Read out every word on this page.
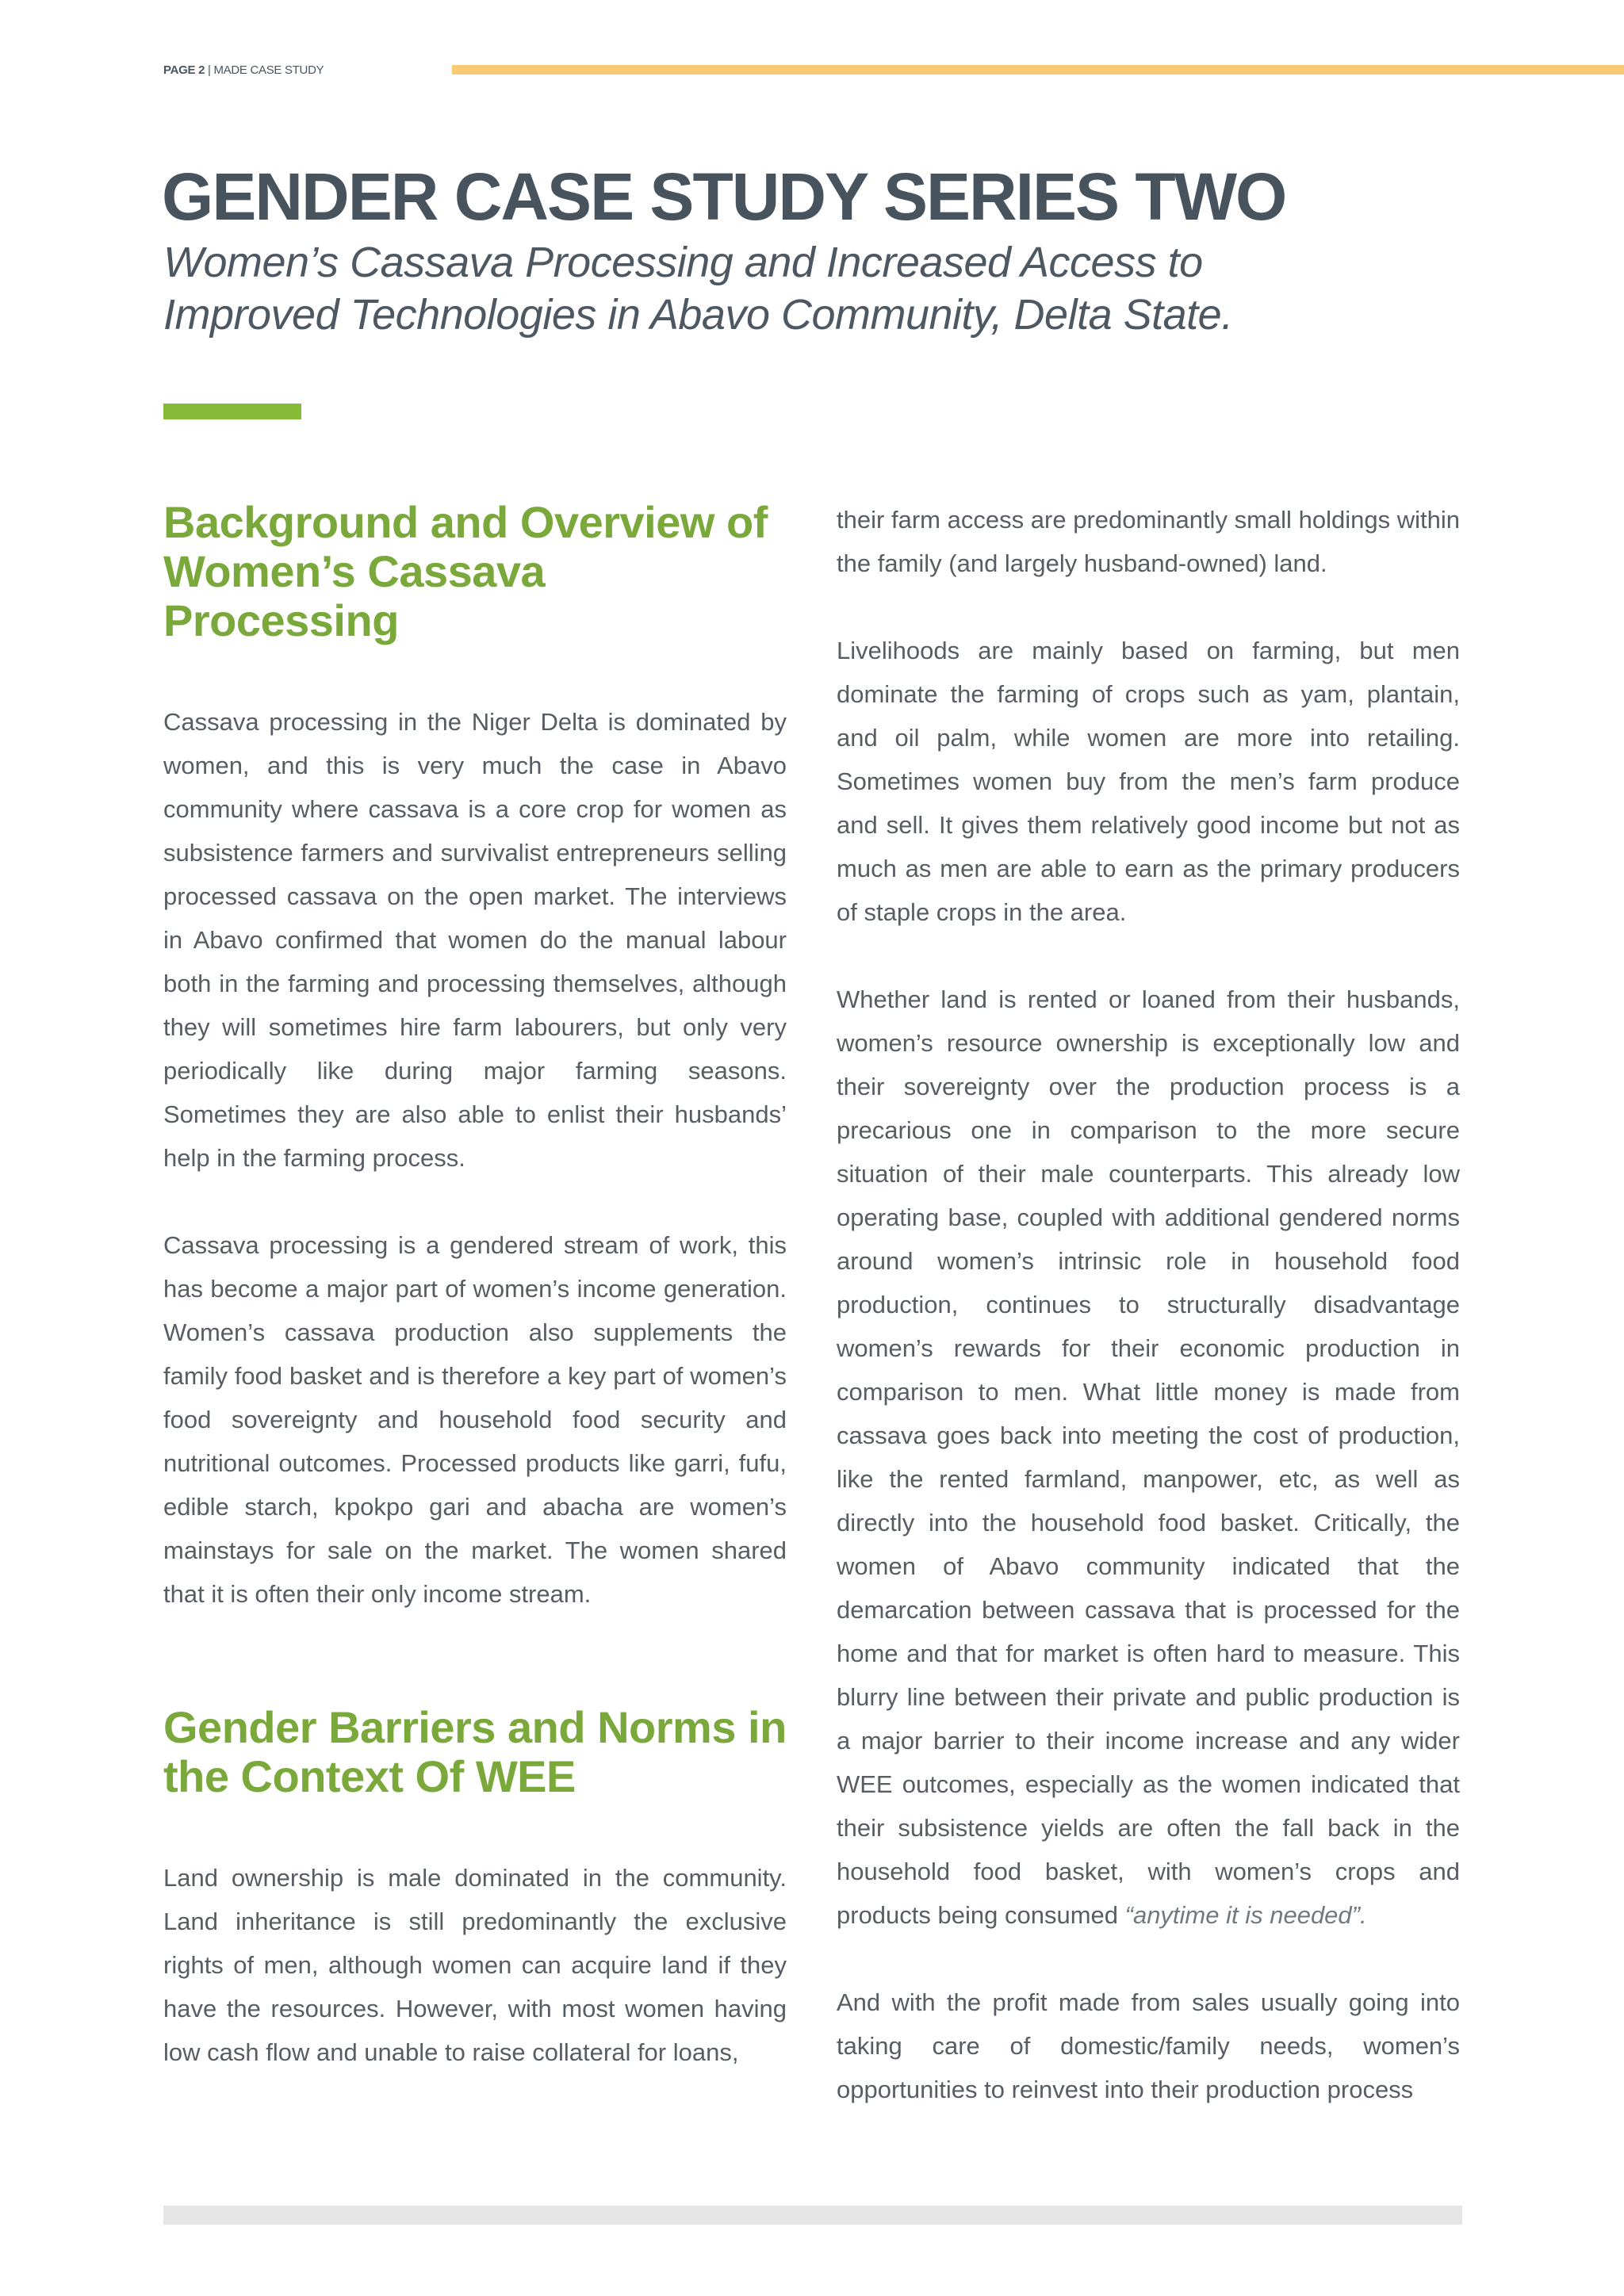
PAGE 2 | MADE CASE STUDY
GENDER CASE STUDY SERIES TWO
Women’s Cassava Processing and Increased Access to
Improved Technologies in Abavo Community, Delta State.
Background and Overview of Women’s Cassava Processing

Cassava processing in the Niger Delta is dominated by women, and this is very much the case in Abavo community where cassava is a core crop for women as subsistence farmers and survivalist entrepreneurs selling processed cassava on the open market. The interviews in Abavo confirmed that women do the manual labour both in the farming and processing themselves, although they will sometimes hire farm labourers, but only very periodically like during major farming seasons. Sometimes they are also able to enlist their husbands’ help in the farming process.

Cassava processing is a gendered stream of work, this has become a major part of women’s income generation. Women’s cassava production also supplements the family food basket and is therefore a key part of women’s food sovereignty and household food security and nutritional outcomes. Processed products like garri, fufu, edible starch, kpokpo gari and abacha are women’s mainstays for sale on the market. The women shared that it is often their only income stream.

Gender Barriers and Norms in the Context Of WEE

Land ownership is male dominated in the community. Land inheritance is still predominantly the exclusive rights of men, although women can acquire land if they have the resources. However, with most women having low cash flow and unable to raise collateral for loans,

their farm access are predominantly small holdings within the family (and largely husband-owned) land.

Livelihoods are mainly based on farming, but men dominate the farming of crops such as yam, plantain, and oil palm, while women are more into retailing. Sometimes women buy from the men’s farm produce and sell. It gives them relatively good income but not as much as men are able to earn as the primary producers of staple crops in the area.

Whether land is rented or loaned from their husbands, women’s resource ownership is exceptionally low and their sovereignty over the production process is a precarious one in comparison to the more secure situation of their male counterparts. This already low operating base, coupled with additional gendered norms around women’s intrinsic role in household food production, continues to structurally disadvantage women’s rewards for their economic production in comparison to men. What little money is made from cassava goes back into meeting the cost of production, like the rented farmland, manpower, etc, as well as directly into the household food basket. Critically, the women of Abavo community indicated that the demarcation between cassava that is processed for the home and that for market is often hard to measure. This blurry line between their private and public production is a major barrier to their income increase and any wider WEE outcomes, especially as the women indicated that their subsistence yields are often the fall back in the household food basket, with women’s crops and products being consumed “anytime it is needed”.

And with the profit made from sales usually going into taking care of domestic/family needs, women’s opportunities to reinvest into their production process
